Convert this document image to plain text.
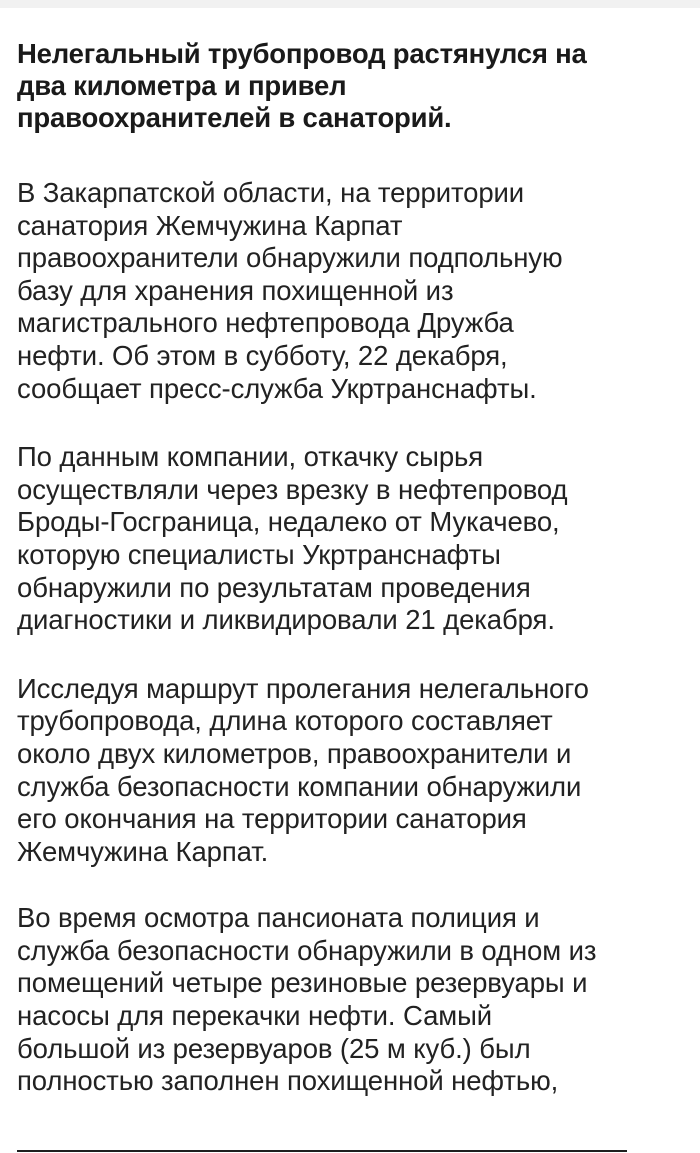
Нелегальный трубопровод растянулся на
два километра и привел
правоохранителей в санаторий.

В Закарпатской области, на территории
санатория Жемчужина Карпат
правоохранители обнаружили подпольную
базу для хранения похищенной из
магистрального нефтепровода Дружба
нефти. Об этом в субботу, 22 декабря,
сообщает пресс-служба Укртранснафты.

По данным компании, откачку сырья
осуществляли через врезку в нефтепровод
Броды-Госграница, недалеко от Мукачево,
которую специалисты Укртранснафты
обнаружили по результатам проведения
диагностики и ликвидировали 21 декабря.

Исследуя маршрут пролегания нелегального
трубопровода, длина которого составляет
около двух километров, правоохранители и
служба безопасности компании обнаружили
его окончания на территории санатория
Жемчужина Карпат.

Во время осмотра пансионата полиция и
служба безопасности обнаружили в одном из
помещений четыре резиновые резервуары и
насосы для перекачки нефти. Самый
большой из резервуаров (25 м куб.) был
полностью заполнен похищенной нефтью,
